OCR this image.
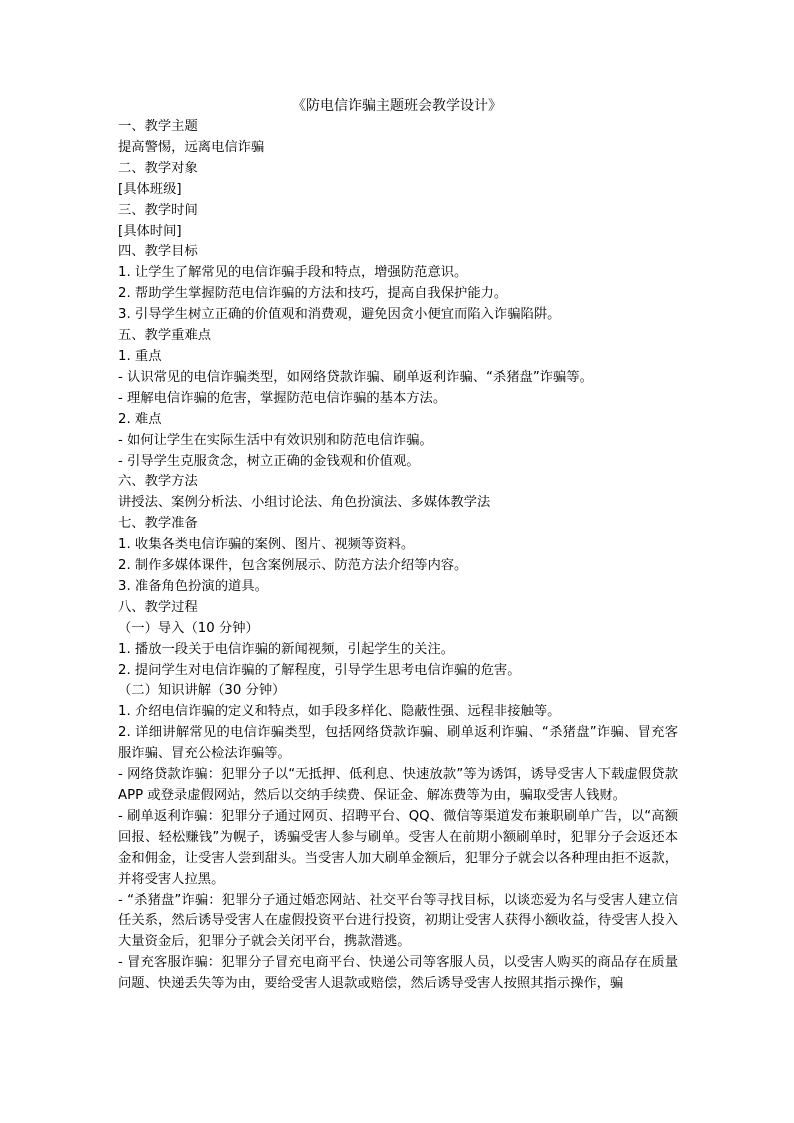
《防电信诈骗主题班会教学设计》

一、教学主题

提高警惕，远离电信诈骗

二、教学对象

[具体班级]

三、教学时间

[具体时间]

四、教学目标

1. 让学生了解常见的电信诈骗手段和特点，增强防范意识。

2. 帮助学生掌握防范电信诈骗的方法和技巧，提高自我保护能力。

3. 引导学生树立正确的价值观和消费观，避免因贪小便宜而陷入诈骗陷阱。

五、教学重难点

1. 重点

- 认识常见的电信诈骗类型，如网络贷款诈骗、刷单返利诈骗、“杀猪盘”诈骗等。

- 理解电信诈骗的危害，掌握防范电信诈骗的基本方法。

2. 难点

- 如何让学生在实际生活中有效识别和防范电信诈骗。

- 引导学生克服贪念，树立正确的金钱观和价值观。

六、教学方法

讲授法、案例分析法、小组讨论法、角色扮演法、多媒体教学法

七、教学准备

1. 收集各类电信诈骗的案例、图片、视频等资料。

2. 制作多媒体课件，包含案例展示、防范方法介绍等内容。

3. 准备角色扮演的道具。

八、教学过程

（一）导入（10 分钟）

1. 播放一段关于电信诈骗的新闻视频，引起学生的关注。

2. 提问学生对电信诈骗的了解程度，引导学生思考电信诈骗的危害。

（二）知识讲解（30 分钟）

1. 介绍电信诈骗的定义和特点，如手段多样化、隐蔽性强、远程非接触等。

2. 详细讲解常见的电信诈骗类型，包括网络贷款诈骗、刷单返利诈骗、“杀猪盘”诈骗、冒充客服诈骗、冒充公检法诈骗等。

- 网络贷款诈骗：犯罪分子以“无抵押、低利息、快速放款”等为诱饵，诱导受害人下载虚假贷款 APP 或登录虚假网站，然后以交纳手续费、保证金、解冻费等为由，骗取受害人钱财。

- 刷单返利诈骗：犯罪分子通过网页、招聘平台、QQ、微信等渠道发布兼职刷单广告，以“高额回报、轻松赚钱”为幌子，诱骗受害人参与刷单。受害人在前期小额刷单时，犯罪分子会返还本金和佣金，让受害人尝到甜头。当受害人加大刷单金额后，犯罪分子就会以各种理由拒不返款，并将受害人拉黑。

- “杀猪盘”诈骗：犯罪分子通过婚恋网站、社交平台等寻找目标，以谈恋爱为名与受害人建立信任关系，然后诱导受害人在虚假投资平台进行投资，初期让受害人获得小额收益，待受害人投入大量资金后，犯罪分子就会关闭平台，携款潜逃。

- 冒充客服诈骗：犯罪分子冒充电商平台、快递公司等客服人员，以受害人购买的商品存在质量问题、快递丢失等为由，要给受害人退款或赔偿，然后诱导受害人按照其指示操作，骗
